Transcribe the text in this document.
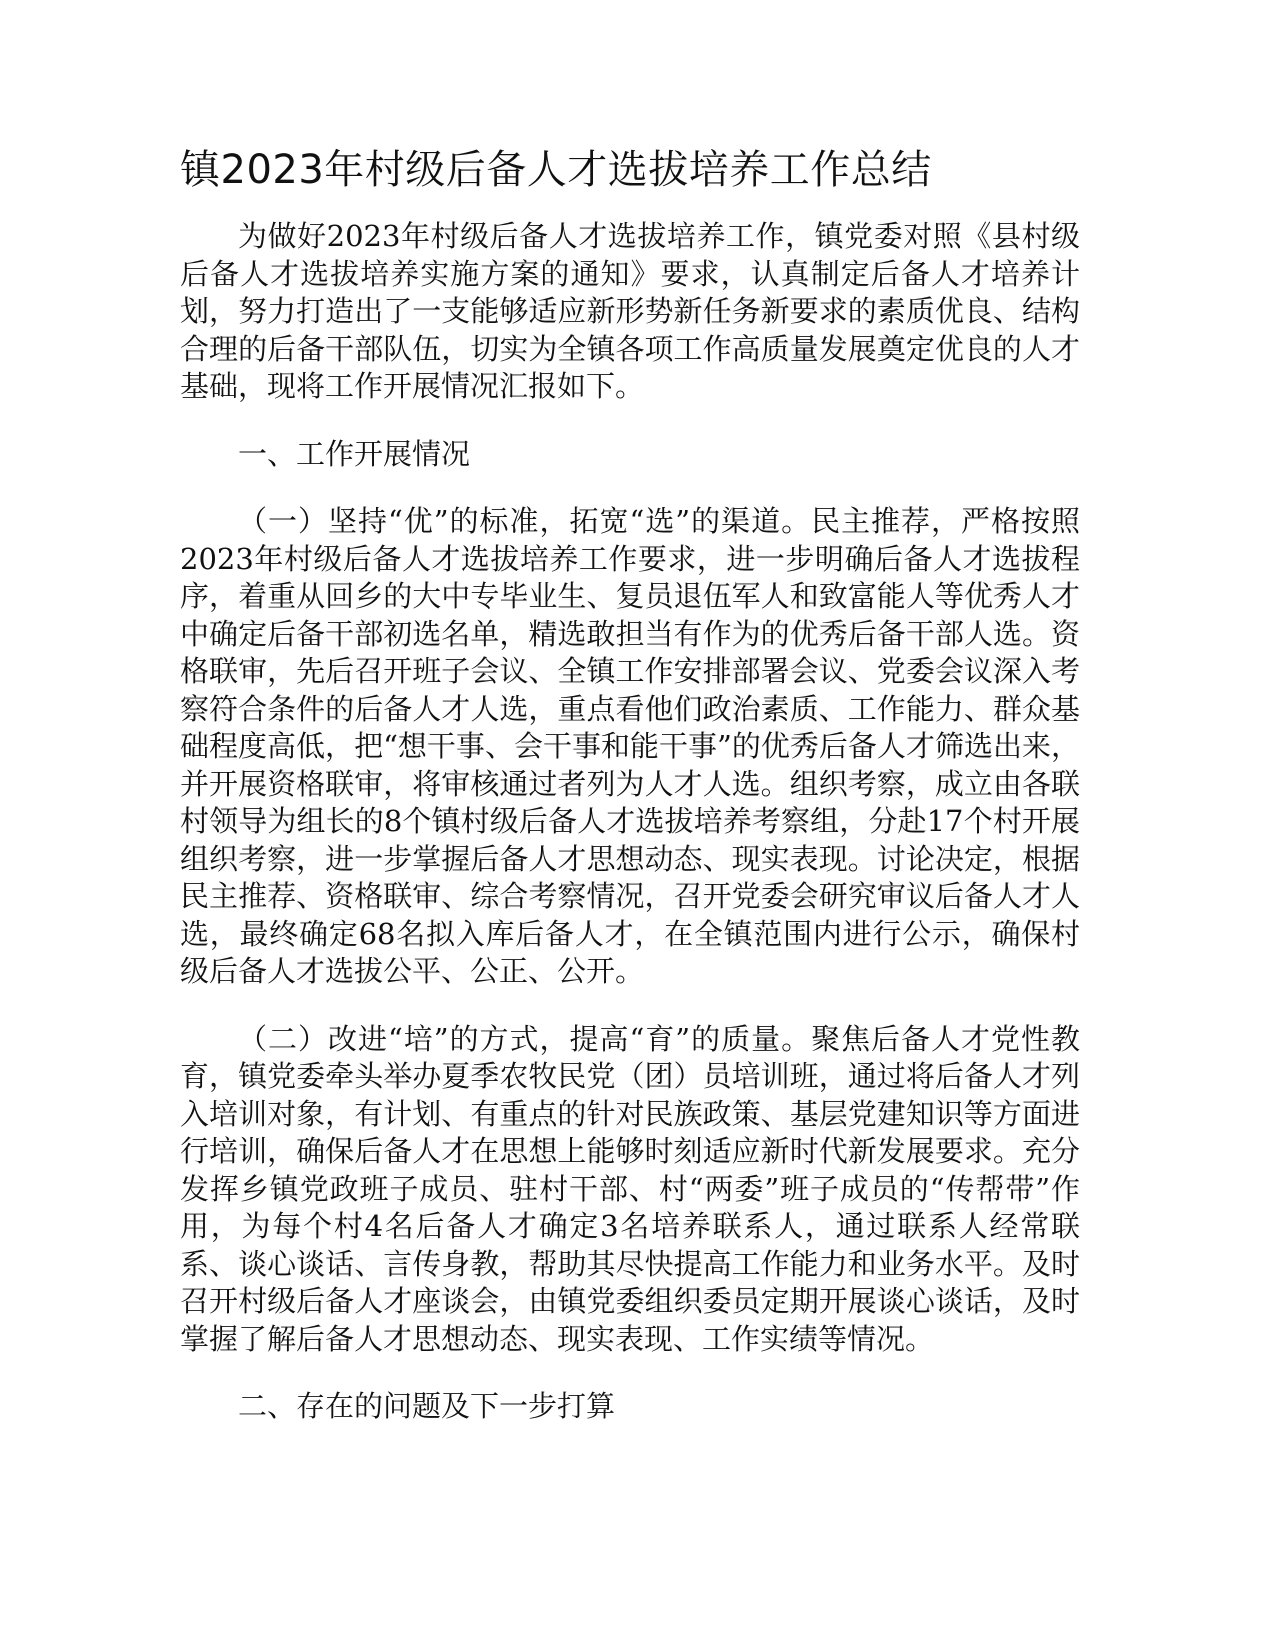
镇2023年村级后备人才选拔培养工作总结

为做好2023年村级后备人才选拔培养工作，镇党委对照《县村级后备人才选拔培养实施方案的通知》要求，认真制定后备人才培养计划，努力打造出了一支能够适应新形势新任务新要求的素质优良、结构合理的后备干部队伍，切实为全镇各项工作高质量发展奠定优良的人才基础，现将工作开展情况汇报如下。

一、工作开展情况

（一）坚持“优”的标准，拓宽“选”的渠道。民主推荐，严格按照2023年村级后备人才选拔培养工作要求，进一步明确后备人才选拔程序，着重从回乡的大中专毕业生、复员退伍军人和致富能人等优秀人才中确定后备干部初选名单，精选敢担当有作为的优秀后备干部人选。资格联审，先后召开班子会议、全镇工作安排部署会议、党委会议深入考察符合条件的后备人才人选，重点看他们政治素质、工作能力、群众基础程度高低，把“想干事、会干事和能干事”的优秀后备人才筛选出来，并开展资格联审，将审核通过者列为人才人选。组织考察，成立由各联村领导为组长的8个镇村级后备人才选拔培养考察组，分赴17个村开展组织考察，进一步掌握后备人才思想动态、现实表现。讨论决定，根据民主推荐、资格联审、综合考察情况，召开党委会研究审议后备人才人选，最终确定68名拟入库后备人才，在全镇范围内进行公示，确保村级后备人才选拔公平、公正、公开。

（二）改进“培”的方式，提高“育”的质量。聚焦后备人才党性教育，镇党委牵头举办夏季农牧民党（团）员培训班，通过将后备人才列入培训对象，有计划、有重点的针对民族政策、基层党建知识等方面进行培训，确保后备人才在思想上能够时刻适应新时代新发展要求。充分发挥乡镇党政班子成员、驻村干部、村“两委”班子成员的“传帮带”作用，为每个村4名后备人才确定3名培养联系人，通过联系人经常联系、谈心谈话、言传身教，帮助其尽快提高工作能力和业务水平。及时召开村级后备人才座谈会，由镇党委组织委员定期开展谈心谈话，及时掌握了解后备人才思想动态、现实表现、工作实绩等情况。

二、存在的问题及下一步打算
